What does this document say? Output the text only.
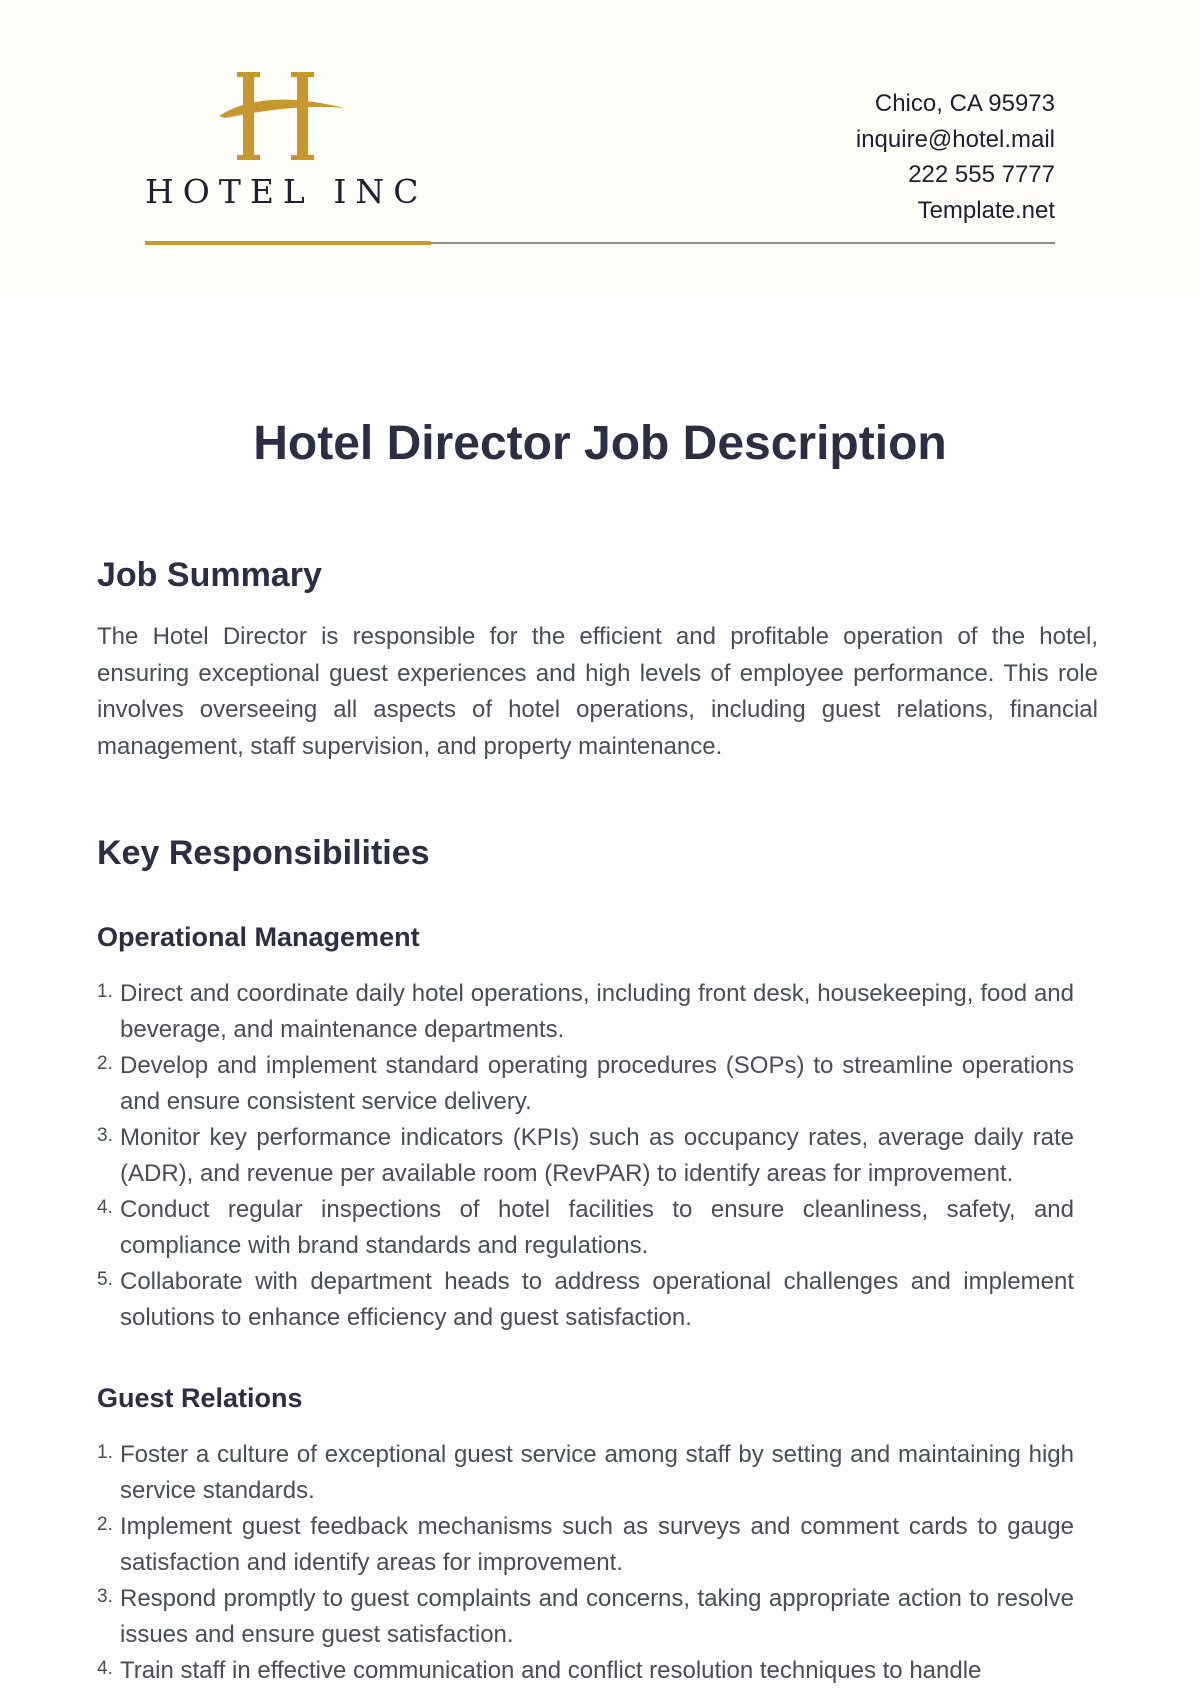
HOTEL INC
Chico, CA 95973
inquire@hotel.mail
222 555 7777
Template.net
Hotel Director Job Description
Job Summary

The Hotel Director is responsible for the efficient and profitable operation of the hotel, ensuring exceptional guest experiences and high levels of employee performance. This role involves overseeing all aspects of hotel operations, including guest relations, financial management, staff supervision, and property maintenance.

Key Responsibilities
Operational Management
1. Direct and coordinate daily hotel operations, including front desk, housekeeping, food and beverage, and maintenance departments.
2. Develop and implement standard operating procedures (SOPs) to streamline operations and ensure consistent service delivery.
3. Monitor key performance indicators (KPIs) such as occupancy rates, average daily rate (ADR), and revenue per available room (RevPAR) to identify areas for improvement.
4. Conduct regular inspections of hotel facilities to ensure cleanliness, safety, and compliance with brand standards and regulations.
5. Collaborate with department heads to address operational challenges and implement solutions to enhance efficiency and guest satisfaction.
Guest Relations
1. Foster a culture of exceptional guest service among staff by setting and maintaining high service standards.
2. Implement guest feedback mechanisms such as surveys and comment cards to gauge satisfaction and identify areas for improvement.
3. Respond promptly to guest complaints and concerns, taking appropriate action to resolve issues and ensure guest satisfaction.
4. Train staff in effective communication and conflict resolution techniques to handle
